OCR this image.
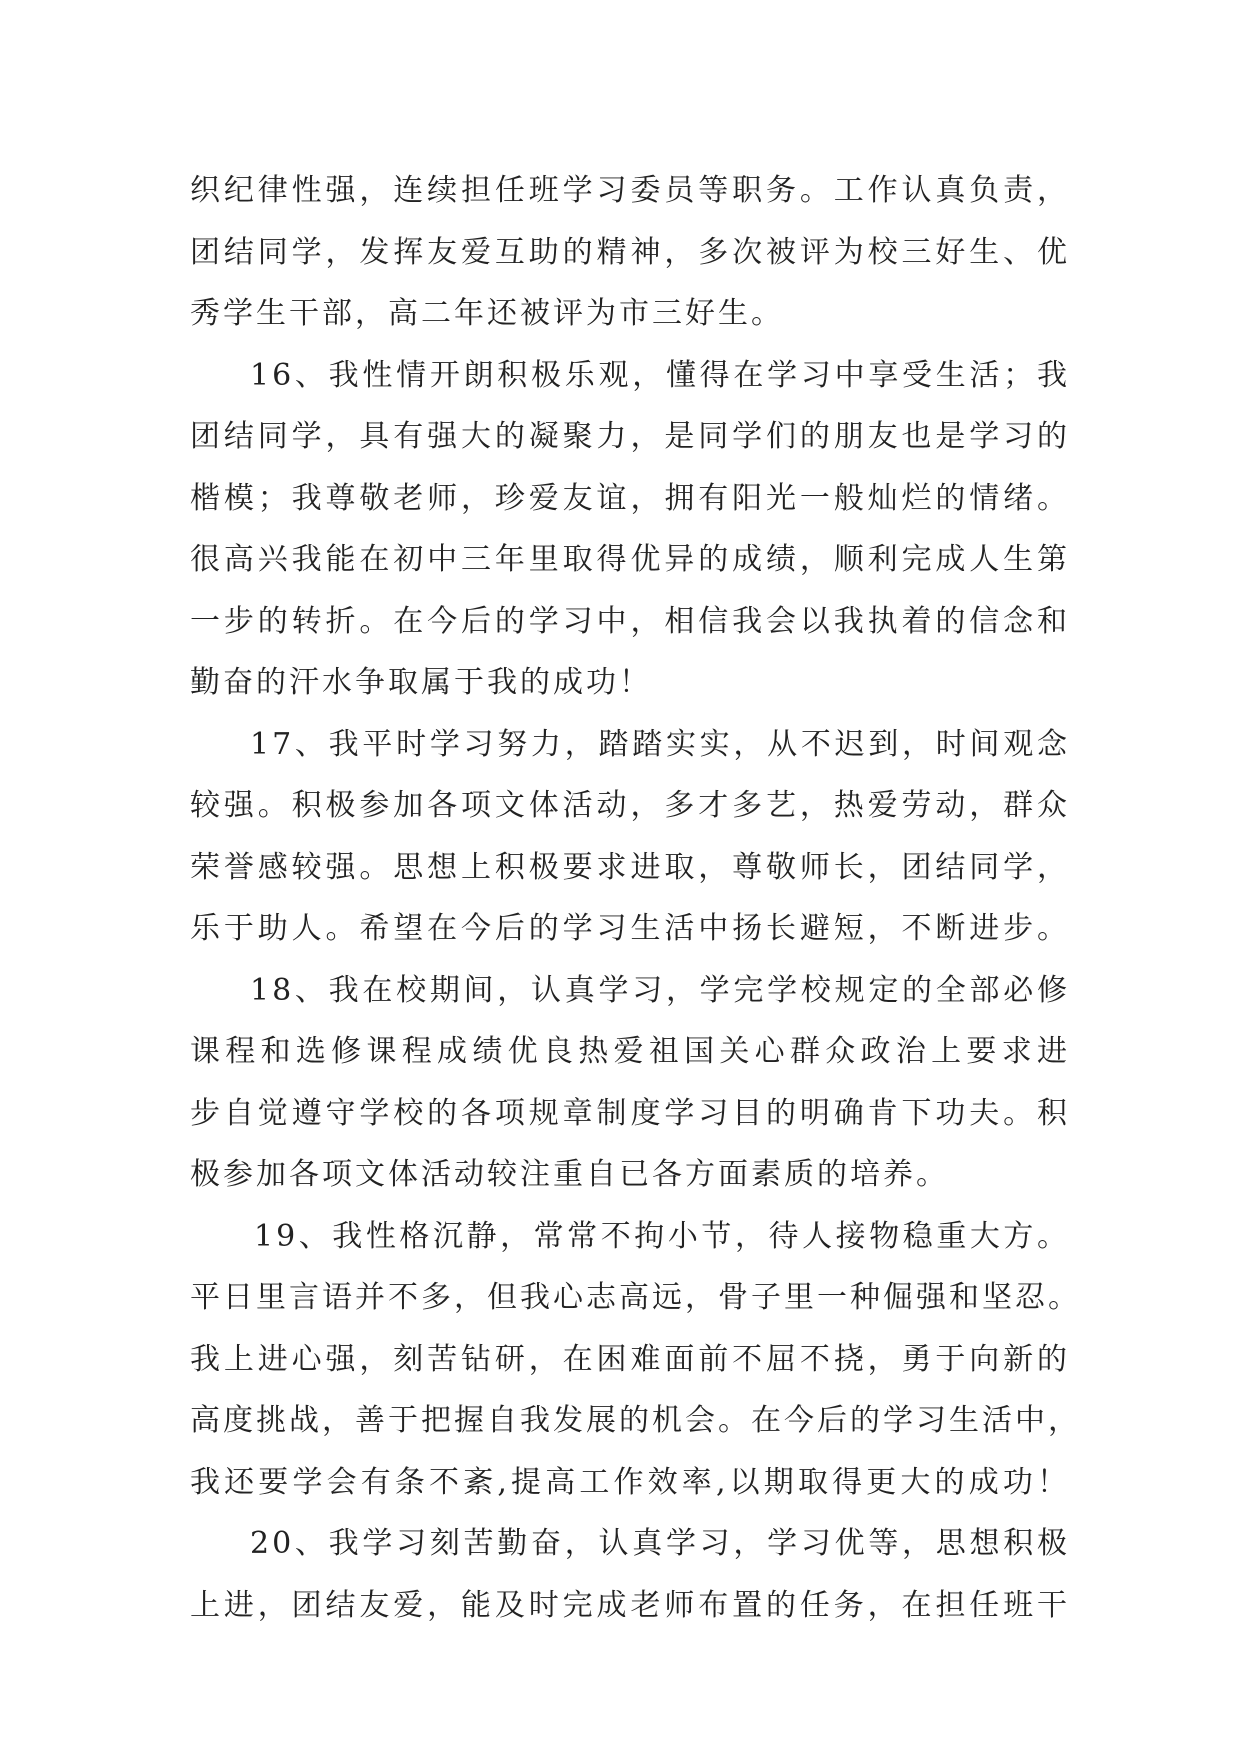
织纪律性强，连续担任班学习委员等职务。工作认真负责，
团结同学，发挥友爱互助的精神，多次被评为校三好生、优
秀学生干部，高二年还被评为市三好生。
16、我性情开朗积极乐观，懂得在学习中享受生活；我
团结同学，具有强大的凝聚力，是同学们的朋友也是学习的
楷模；我尊敬老师，珍爱友谊，拥有阳光一般灿烂的情绪。
很高兴我能在初中三年里取得优异的成绩，顺利完成人生第
一步的转折。在今后的学习中，相信我会以我执着的信念和
勤奋的汗水争取属于我的成功！
17、我平时学习努力，踏踏实实，从不迟到，时间观念
较强。积极参加各项文体活动，多才多艺，热爱劳动，群众
荣誉感较强。思想上积极要求进取，尊敬师长，团结同学，
乐于助人。希望在今后的学习生活中扬长避短，不断进步。
18、我在校期间，认真学习，学完学校规定的全部必修
课程和选修课程成绩优良热爱祖国关心群众政治上要求进
步自觉遵守学校的各项规章制度学习目的明确肯下功夫。积
极参加各项文体活动较注重自已各方面素质的培养。
19、我性格沉静，常常不拘小节，待人接物稳重大方。
平日里言语并不多，但我心志高远，骨子里一种倔强和坚忍。
我上进心强，刻苦钻研，在困难面前不屈不挠，勇于向新的
高度挑战，善于把握自我发展的机会。在今后的学习生活中，
我还要学会有条不紊,提高工作效率,以期取得更大的成功！
20、我学习刻苦勤奋，认真学习，学习优等，思想积极
上进，团结友爱，能及时完成老师布置的任务，在担任班干
